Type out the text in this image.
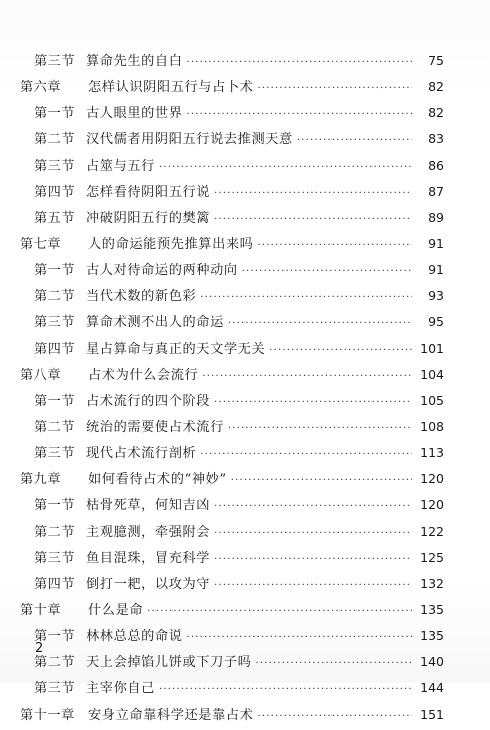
第三节 算命先生的自白 ·····	75
第六章	怎样认识阴阳五行与占卜术 ·····	82
第一节 古人眼里的世界 ·····	82
第二节 汉代儒者用阴阳五行说去推测天意 ·····	83
第三节 占筮与五行 ·····	86
第四节 怎样看待阴阳五行说 ·····	87
第五节 冲破阴阳五行的樊篱 ·····	89
第七章	人的命运能预先推算出来吗 ·····	91
第一节 古人对待命运的两种动向 ·····	91
第二节 当代术数的新色彩 ·····	93
第三节 算命术测不出人的命运 ·····	95
第四节 星占算命与真正的天文学无关 ·····	101
第八章	占术为什么会流行 ·····	104
第一节 占术流行的四个阶段 ·····	105
第二节 统治的需要使占术流行 ·····	108
第三节 现代占术流行剖析 ·····	113
第九章	如何看待占术的“神妙” ·····	120
第一节 枯骨死草，何知吉凶 ·····	120
第二节 主观臆测，牵强附会 ·····	122
第三节 鱼目混珠，冒充科学 ·····	125
第四节 倒打一耙，以攻为守 ·····	132
第十章	什么是命 ·····	135
第一节 林林总总的命说 ·····	135
第二节 天上会掉馅儿饼或下刀子吗 ·····	140
第三节 主宰你自己 ·····	144
第十一章	安身立命靠科学还是靠占术 ·····	151
2
